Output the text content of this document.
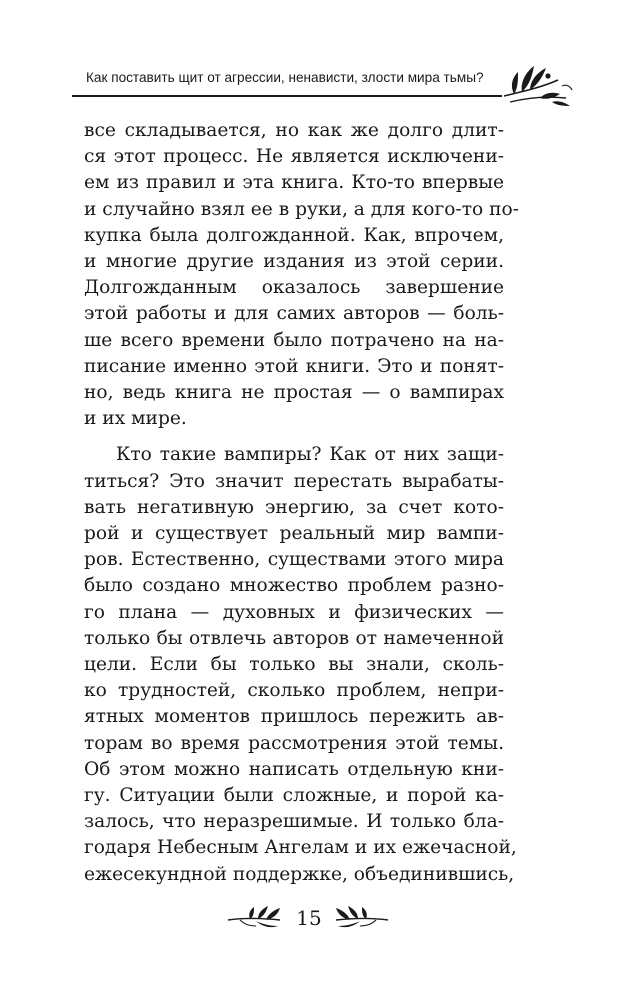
Как поставить щит от агрессии, ненависти, злости мира тьмы?
все складывается, но как же долго длит-
ся этот процесс. Не является исключени-
ем из правил и эта книга. Кто-то впервые
и случайно взял ее в руки, а для кого-то по-
купка была долгожданной. Как, впрочем,
и многие другие издания из этой серии.
Долгожданным оказалось завершение
этой работы и для самих авторов — боль-
ше всего времени было потрачено на на-
писание именно этой книги. Это и понят-
но, ведь книга не простая — о вампирах
и их мире.
Кто такие вампиры? Как от них защи-
титься? Это значит перестать вырабаты-
вать негативную энергию, за счет кото-
рой и существует реальный мир вампи-
ров. Естественно, существами этого мира
было создано множество проблем разно-
го плана — духовных и физических —
только бы отвлечь авторов от намеченной
цели. Если бы только вы знали, сколь-
ко трудностей, сколько проблем, непри-
ятных моментов пришлось пережить ав-
торам во время рассмотрения этой темы.
Об этом можно написать отдельную кни-
гу. Ситуации были сложные, и порой ка-
залось, что неразрешимые. И только бла-
годаря Небесным Ангелам и их ежечасной,
ежесекундной поддержке, объединившись,
15
